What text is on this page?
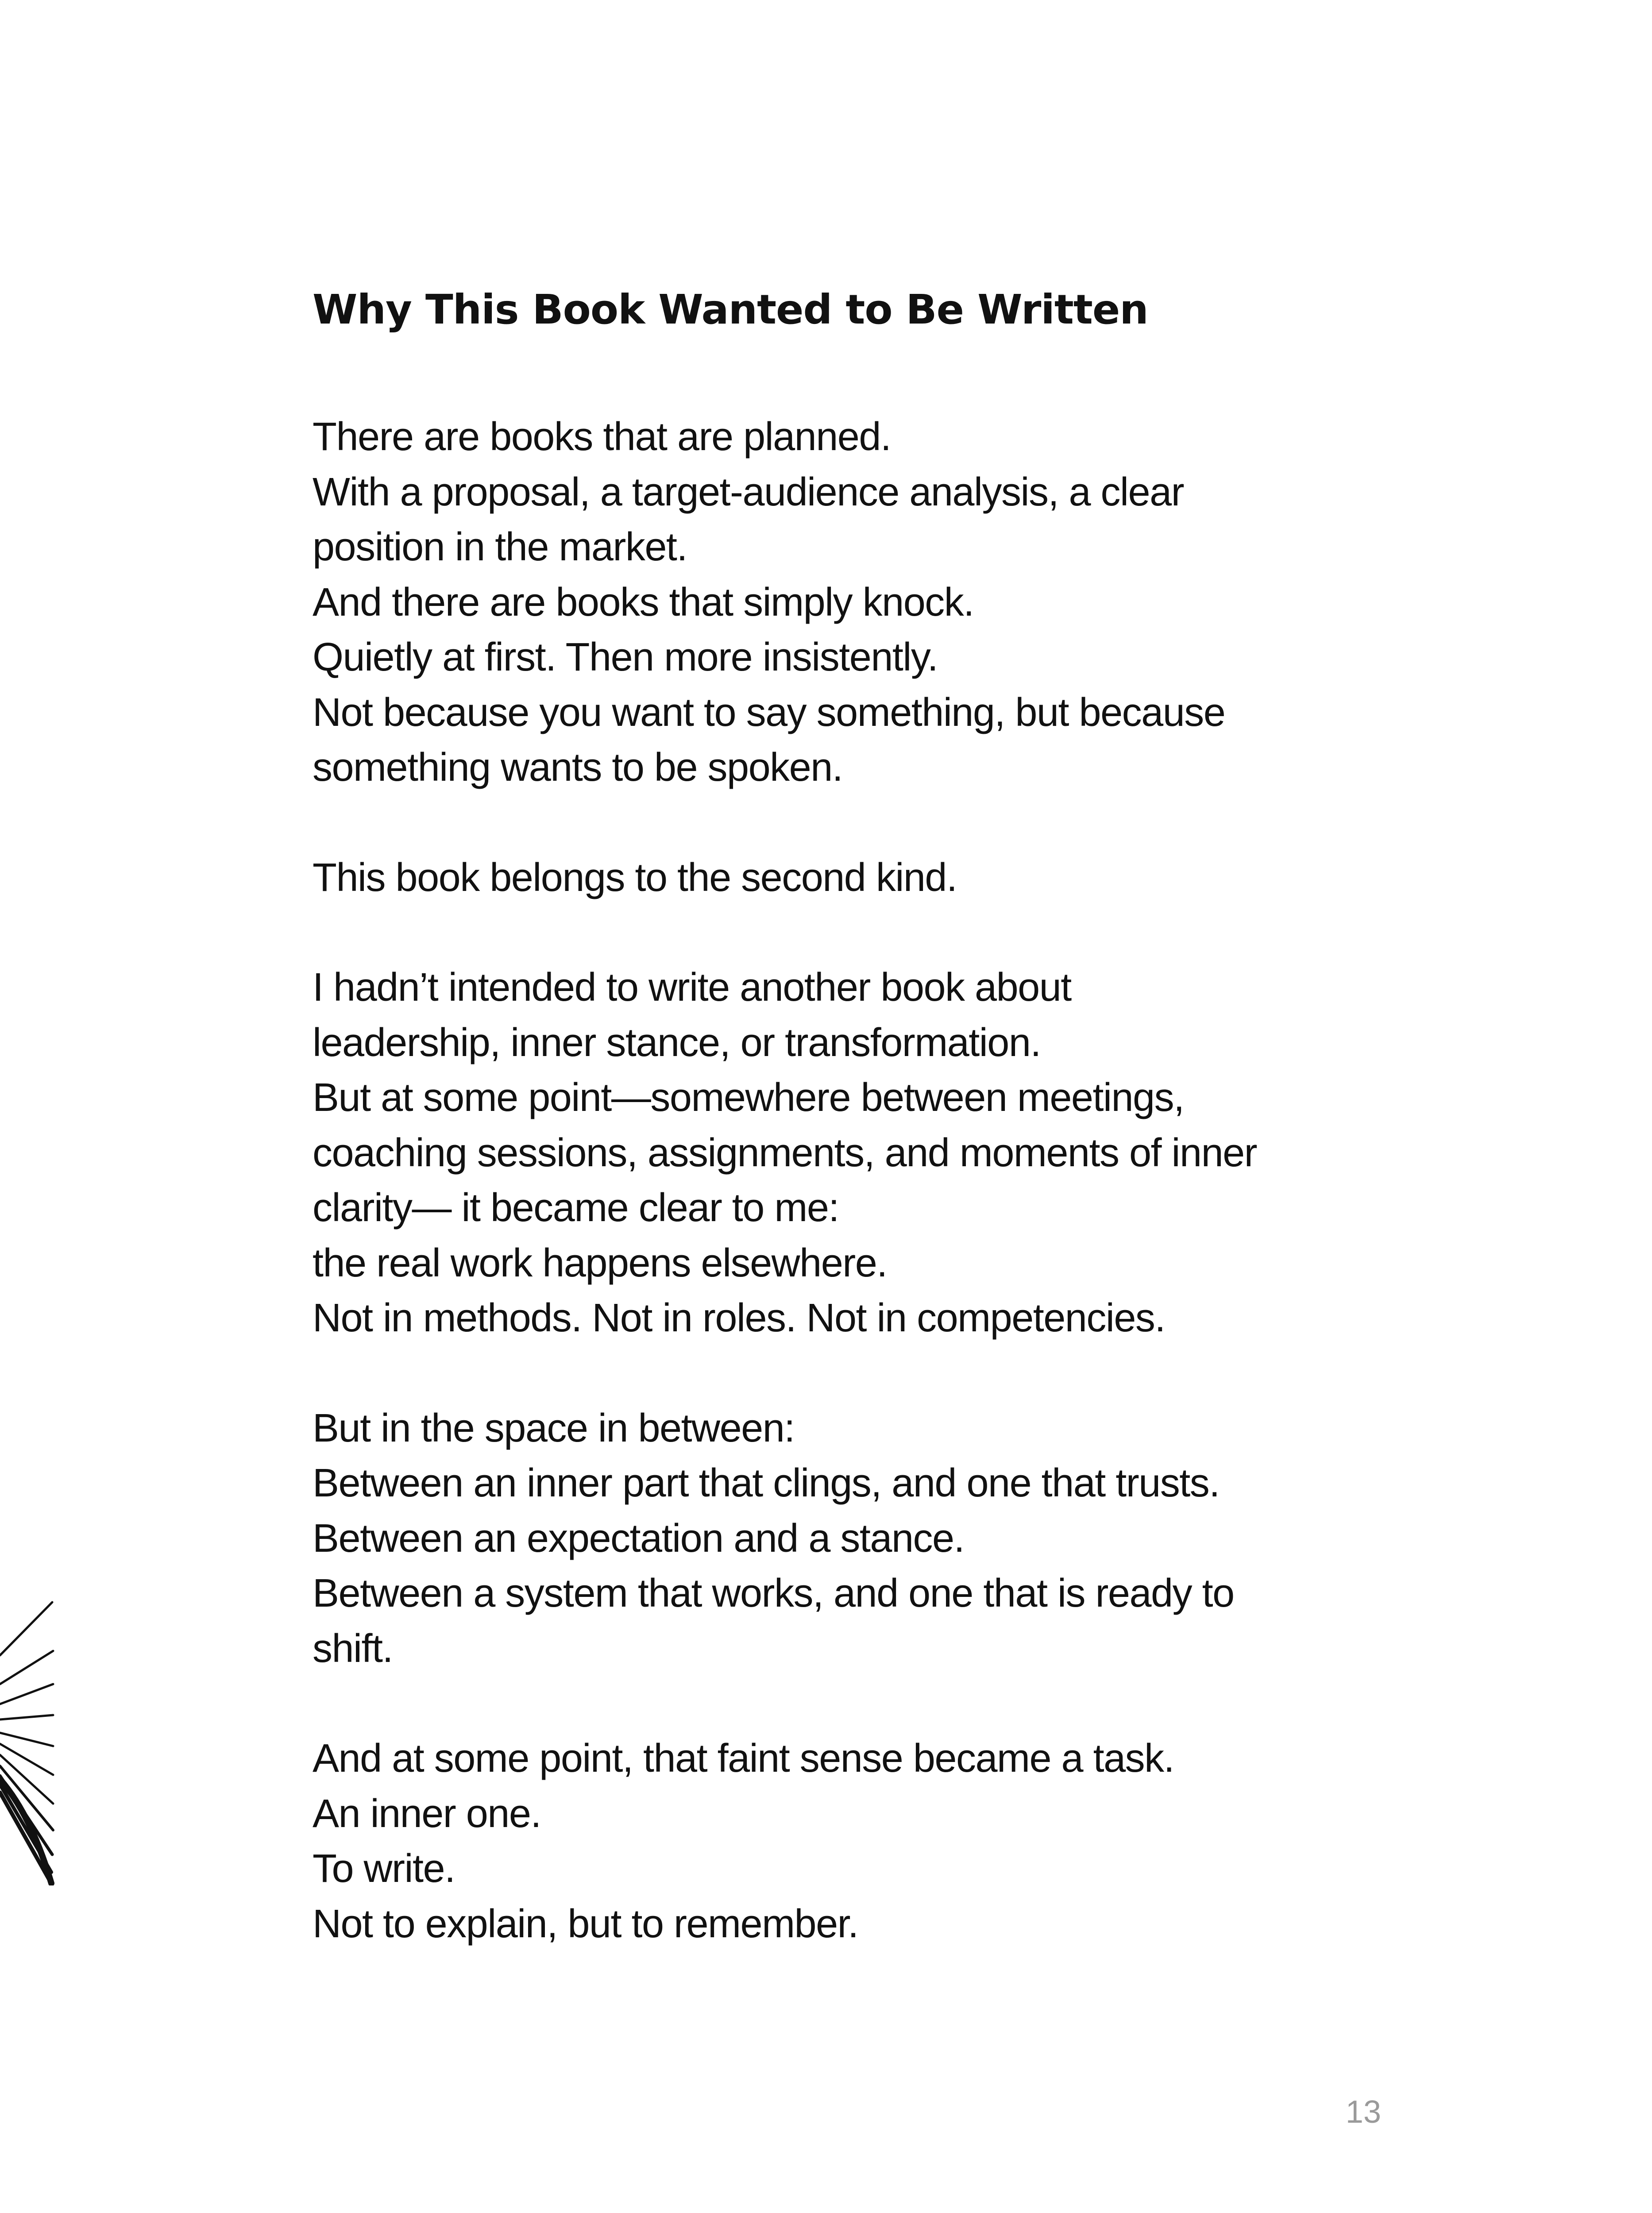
Why This Book Wanted to Be Written
There are books that are planned.
With a proposal, a target-audience analysis, a clear
position in the market.
And there are books that simply knock.
Quietly at first. Then more insistently.
Not because you want to say something, but because
something wants to be spoken.
This book belongs to the second kind.
I hadn’t intended to write another book about
leadership, inner stance, or transformation.
But at some point—somewhere between meetings,
coaching sessions, assignments, and moments of inner
clarity— it became clear to me:
the real work happens elsewhere.
Not in methods. Not in roles. Not in competencies.
But in the space in between:
Between an inner part that clings, and one that trusts.
Between an expectation and a stance.
Between a system that works, and one that is ready to
shift.
And at some point, that faint sense became a task.
An inner one.
To write.
Not to explain, but to remember.
13
